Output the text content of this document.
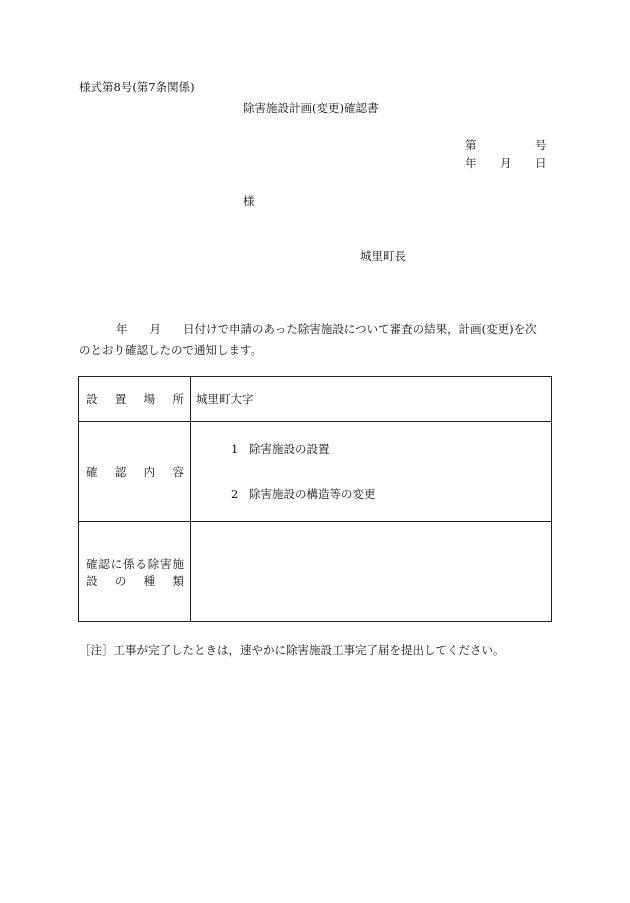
様式第8号(第7条関係)
除害施設計画(変更)確認書
第	号
年 月 日
様
城里町長
年 月 日付けで申請のあった除害施設について審査の結果，計画(変更)を次
のとおり確認したので通知します。
設置場所 城里町大字
確認内容
1 除害施設の設置
2 除害施設の構造等の変更
確認に係る除害施
設の種類
［注］工事が完了したときは，速やかに除害施設工事完了届を提出してください。
